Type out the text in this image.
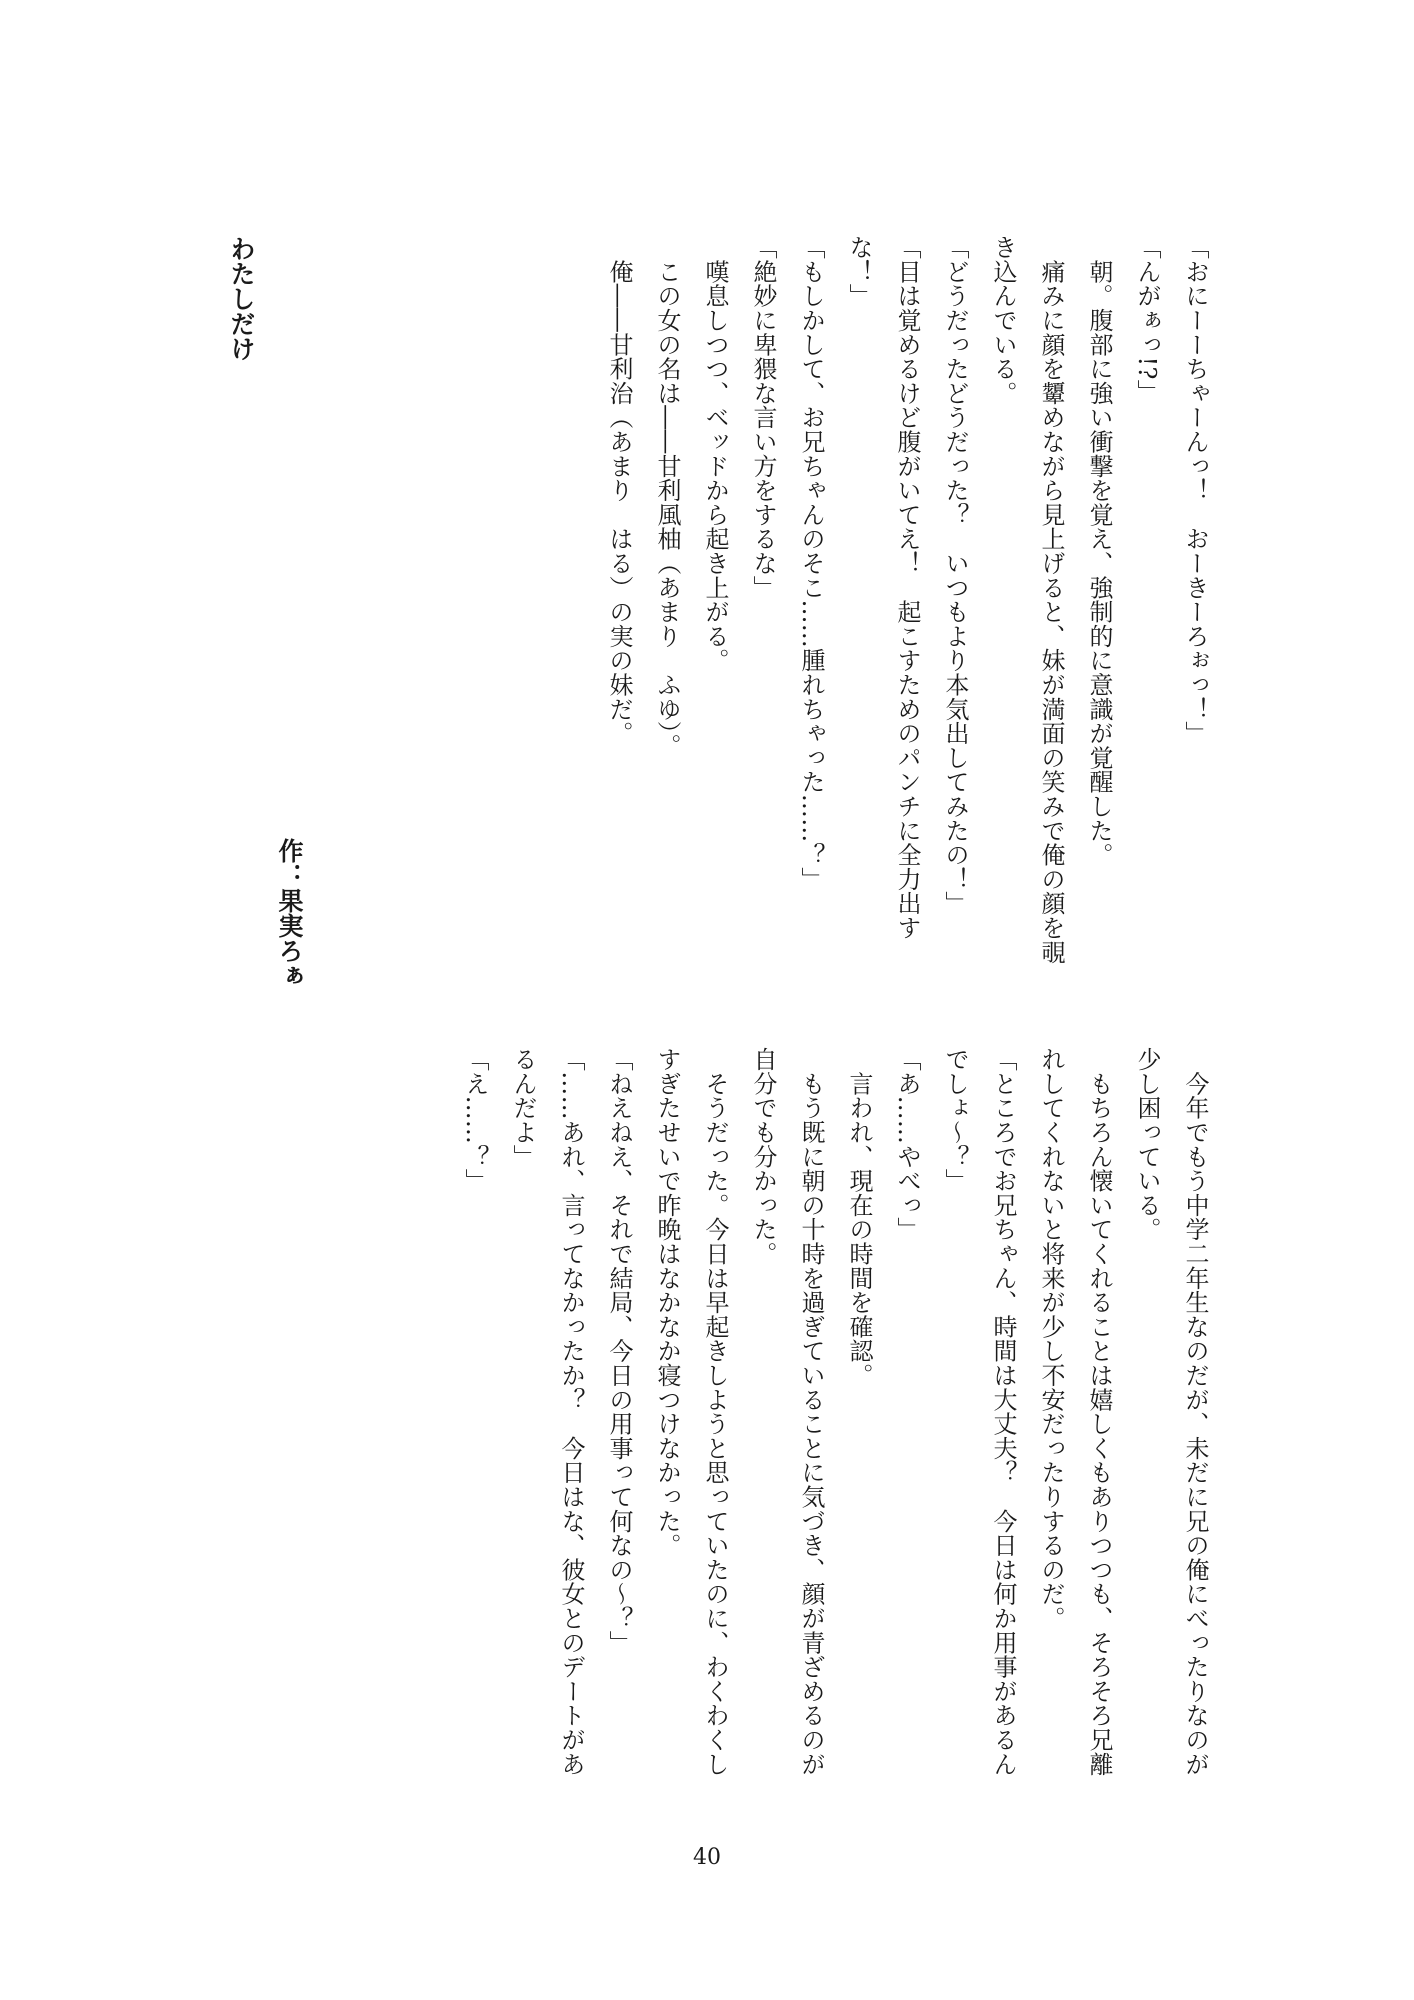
わたしだけ
作：果実ろぁ

「おにーーちゃーんっ！　おーきーろぉっ！」

「んがぁっ!?」

　朝。腹部に強い衝撃を覚え、強制的に意識が覚醒した。

　痛みに顔を顰めながら見上げると、妹が満面の笑みで俺の顔を覗

き込んでいる。

「どうだったどうだった？　いつもより本気出してみたの！」

「目は覚めるけど腹がいてえ！　起こすためのパンチに全力出す

な！」

「もしかして、お兄ちゃんのそこ……腫れちゃった……？」

「絶妙に卑猥な言い方をするな」

　嘆息しつつ、ベッドから起き上がる。

　この女の名は――甘利風柚（あまり　ふゆ）。

　俺――甘利治（あまり　はる）の実の妹だ。

　今年でもう中学二年生なのだが、未だに兄の俺にべったりなのが

少し困っている。

　もちろん懐いてくれることは嬉しくもありつつも、そろそろ兄離

れしてくれないと将来が少し不安だったりするのだ。

「ところでお兄ちゃん、時間は大丈夫？　今日は何か用事があるん

でしょ～？」

「あ……やべっ」

　言われ、現在の時間を確認。

　もう既に朝の十時を過ぎていることに気づき、顔が青ざめるのが

自分でも分かった。

　そうだった。今日は早起きしようと思っていたのに、わくわくし

すぎたせいで昨晩はなかなか寝つけなかった。

「ねえねえ、それで結局、今日の用事って何なの～？」

「……あれ、言ってなかったか？　今日はな、彼女とのデートがあ

るんだよ」

「え……？」

40
